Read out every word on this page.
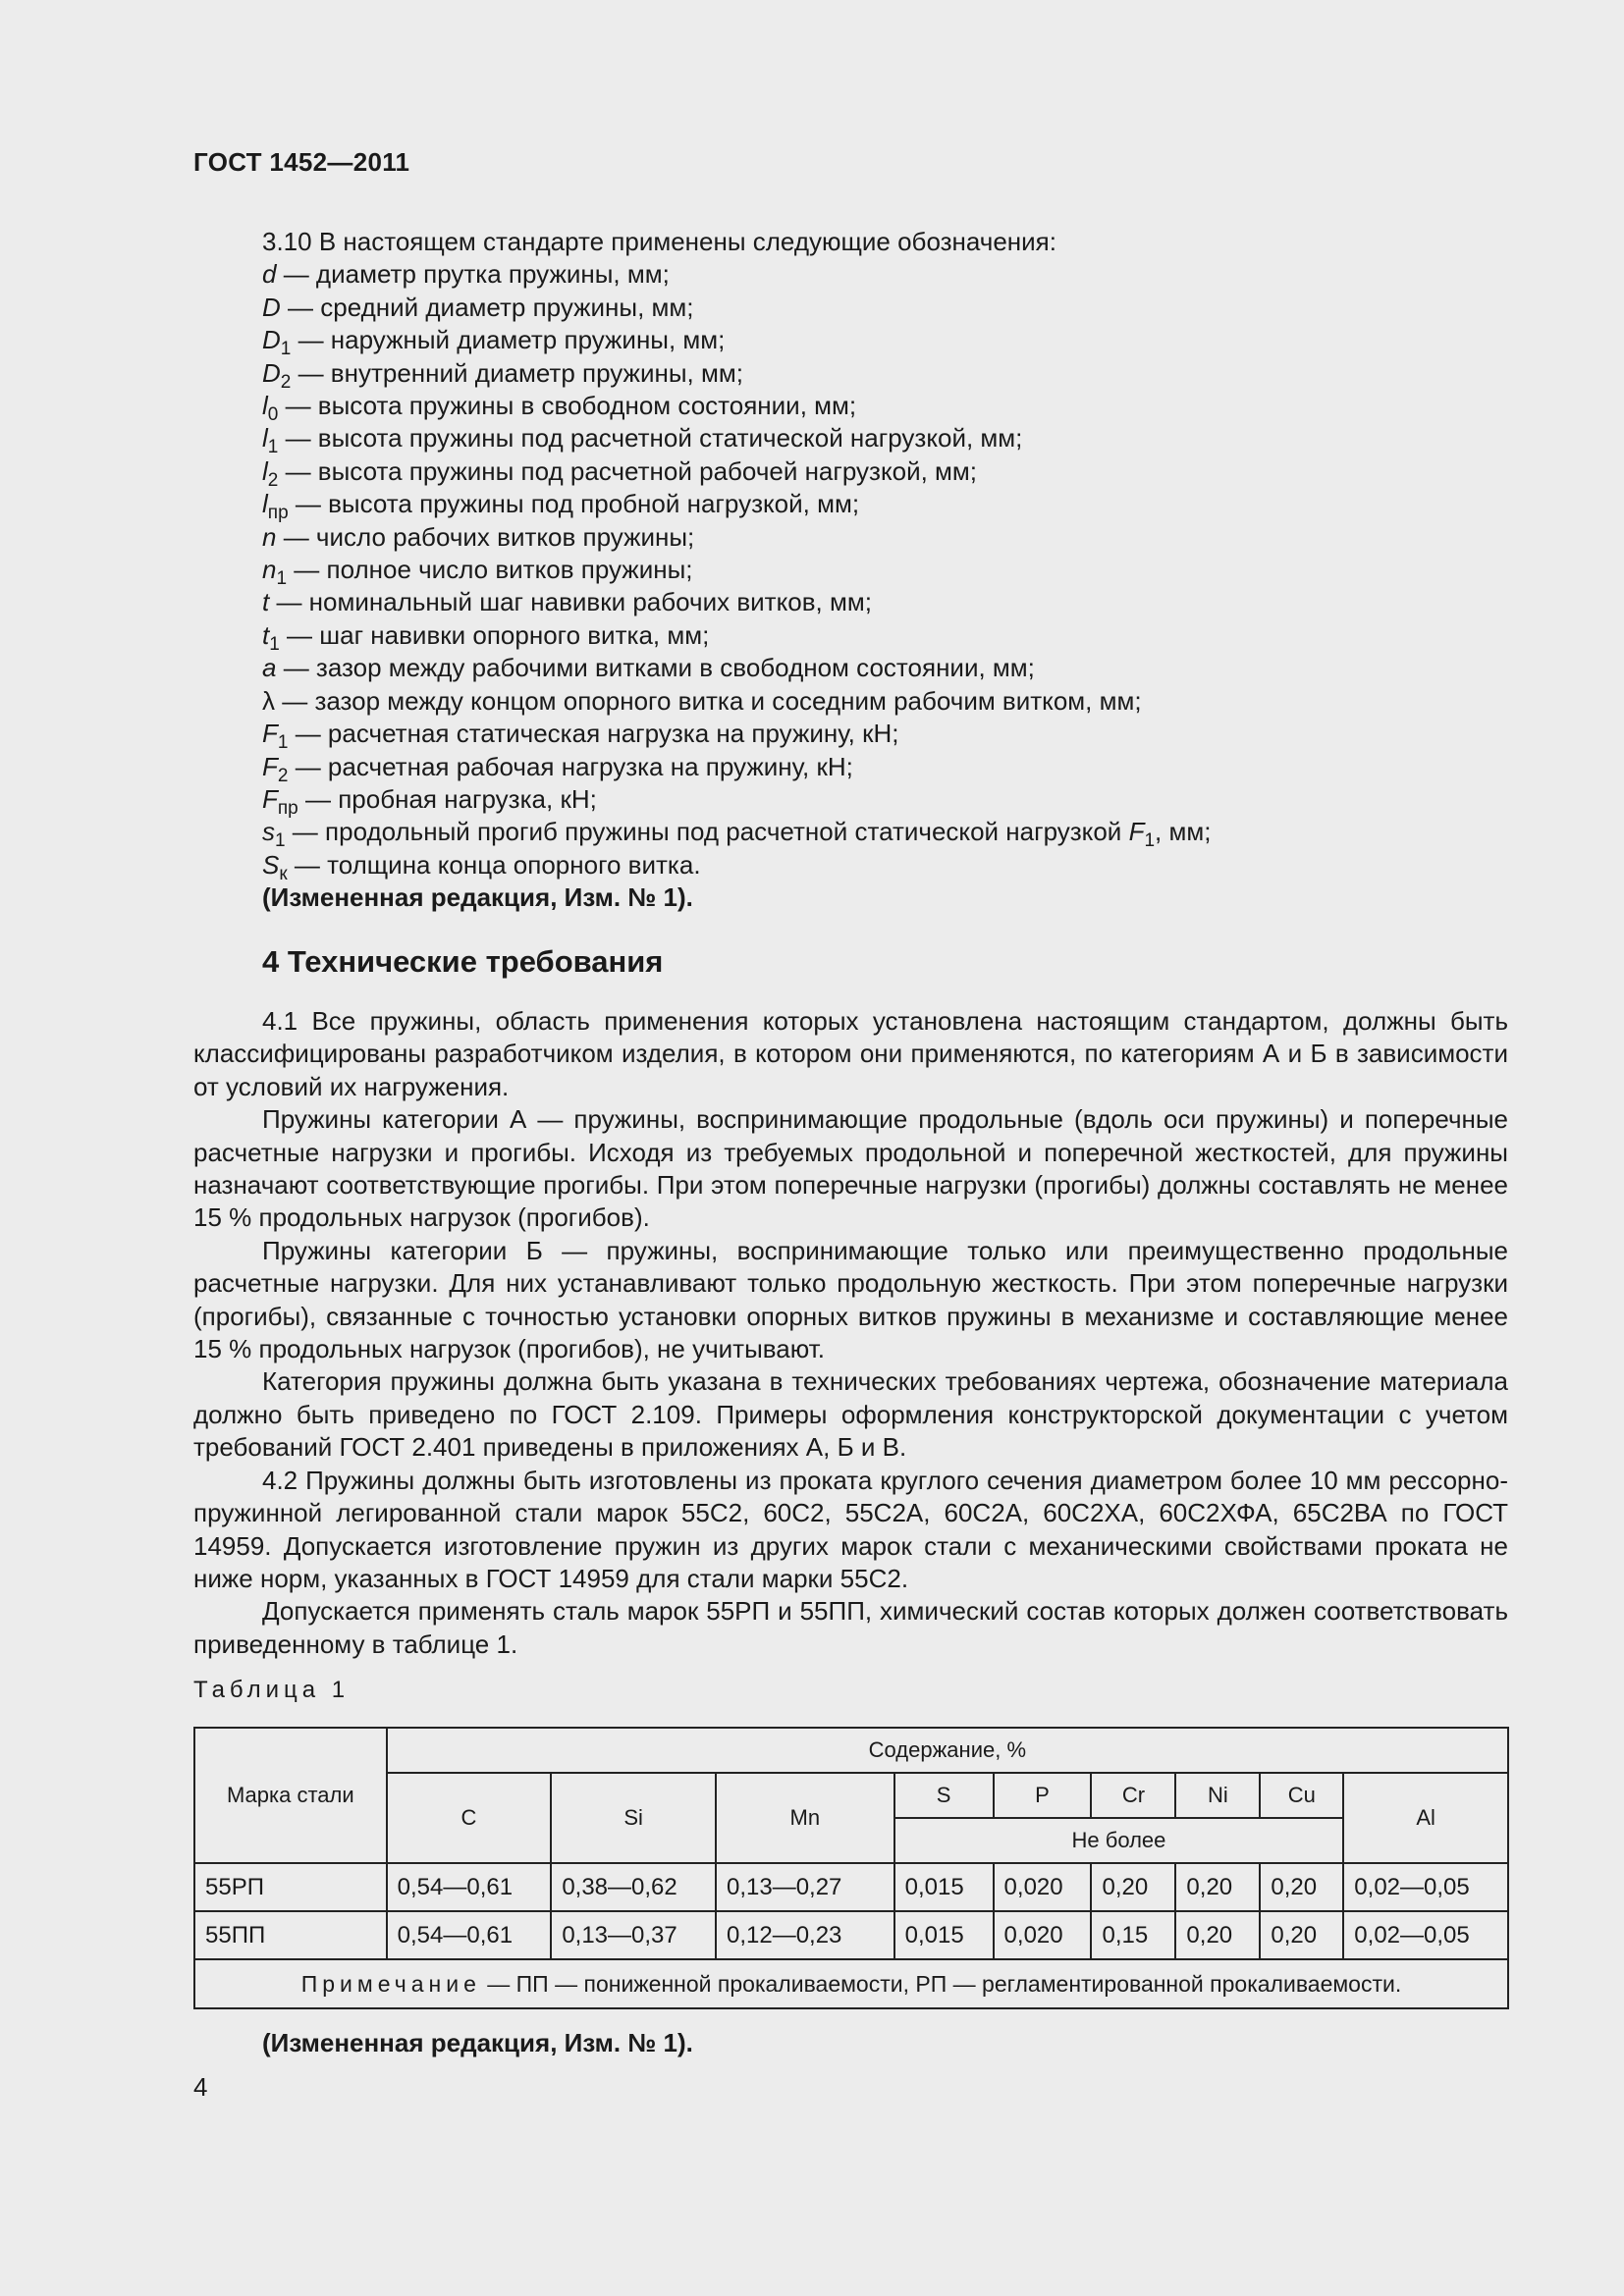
ГОСТ 1452—2011
3.10 В настоящем стандарте применены следующие обозначения:
d — диаметр прутка пружины, мм;
D — средний диаметр пружины, мм;
$D_1$ — наружный диаметр пружины, мм;
$D_2$ — внутренний диаметр пружины, мм;
$l_0$ — высота пружины в свободном состоянии, мм;
$l_1$ — высота пружины под расчетной статической нагрузкой, мм;
$l_2$ — высота пружины под расчетной рабочей нагрузкой, мм;
$l_{пр}$ — высота пружины под пробной нагрузкой, мм;
n — число рабочих витков пружины;
$n_1$ — полное число витков пружины;
t — номинальный шаг навивки рабочих витков, мм;
$t_1$ — шаг навивки опорного витка, мм;
a — зазор между рабочими витками в свободном состоянии, мм;
λ — зазор между концом опорного витка и соседним рабочим витком, мм;
$F_1$ — расчетная статическая нагрузка на пружину, кН;
$F_2$ — расчетная рабочая нагрузка на пружину, кН;
$F_{пр}$ — пробная нагрузка, кН;
$s_1$ — продольный прогиб пружины под расчетной статической нагрузкой $F_1$, мм;
$S_к$ — толщина конца опорного витка.
(Измененная редакция, Изм. № 1).
4 Технические требования

4.1 Все пружины, область применения которых установлена настоящим стандартом, должны быть классифицированы разработчиком изделия, в котором они применяются, по категориям А и Б в зависимости от условий их нагружения.

Пружины категории А — пружины, воспринимающие продольные (вдоль оси пружины) и поперечные расчетные нагрузки и прогибы. Исходя из требуемых продольной и поперечной жесткостей, для пружины назначают соответствующие прогибы. При этом поперечные нагрузки (прогибы) должны составлять не менее 15 % продольных нагрузок (прогибов).

Пружины категории Б — пружины, воспринимающие только или преимущественно продольные расчетные нагрузки. Для них устанавливают только продольную жесткость. При этом поперечные нагрузки (прогибы), связанные с точностью установки опорных витков пружины в механизме и составляющие менее 15 % продольных нагрузок (прогибов), не учитывают.

Категория пружины должна быть указана в технических требованиях чертежа, обозначение материала должно быть приведено по ГОСТ 2.109. Примеры оформления конструкторской документации с учетом требований ГОСТ 2.401 приведены в приложениях А, Б и В.

4.2 Пружины должны быть изготовлены из проката круглого сечения диаметром более 10 мм рессорно-пружинной легированной стали марок 55С2, 60С2, 55С2А, 60С2А, 60С2ХА, 60С2ХФА, 65С2ВА по ГОСТ 14959. Допускается изготовление пружин из других марок стали с механическими свойствами проката не ниже норм, указанных в ГОСТ 14959 для стали марки 55С2.

Допускается применять сталь марок 55РП и 55ПП, химический состав которых должен соответствовать приведенному в таблице 1.

Таблица 1
Марка стали	Содержание, %								
	C	Si	Mn	S	P	Cr	Ni	Cu	Al
				Не более					
55РП	0,54—0,61	0,38—0,62	0,13—0,27	0,015	0,020	0,20	0,20	0,20	0,02—0,05
55ПП	0,54—0,61	0,13—0,37	0,12—0,23	0,015	0,020	0,15	0,20	0,20	0,02—0,05
Примечание — ПП — пониженной прокаливаемости, РП — регламентированной прокаливаемости.									
(Измененная редакция, Изм. № 1).
4
